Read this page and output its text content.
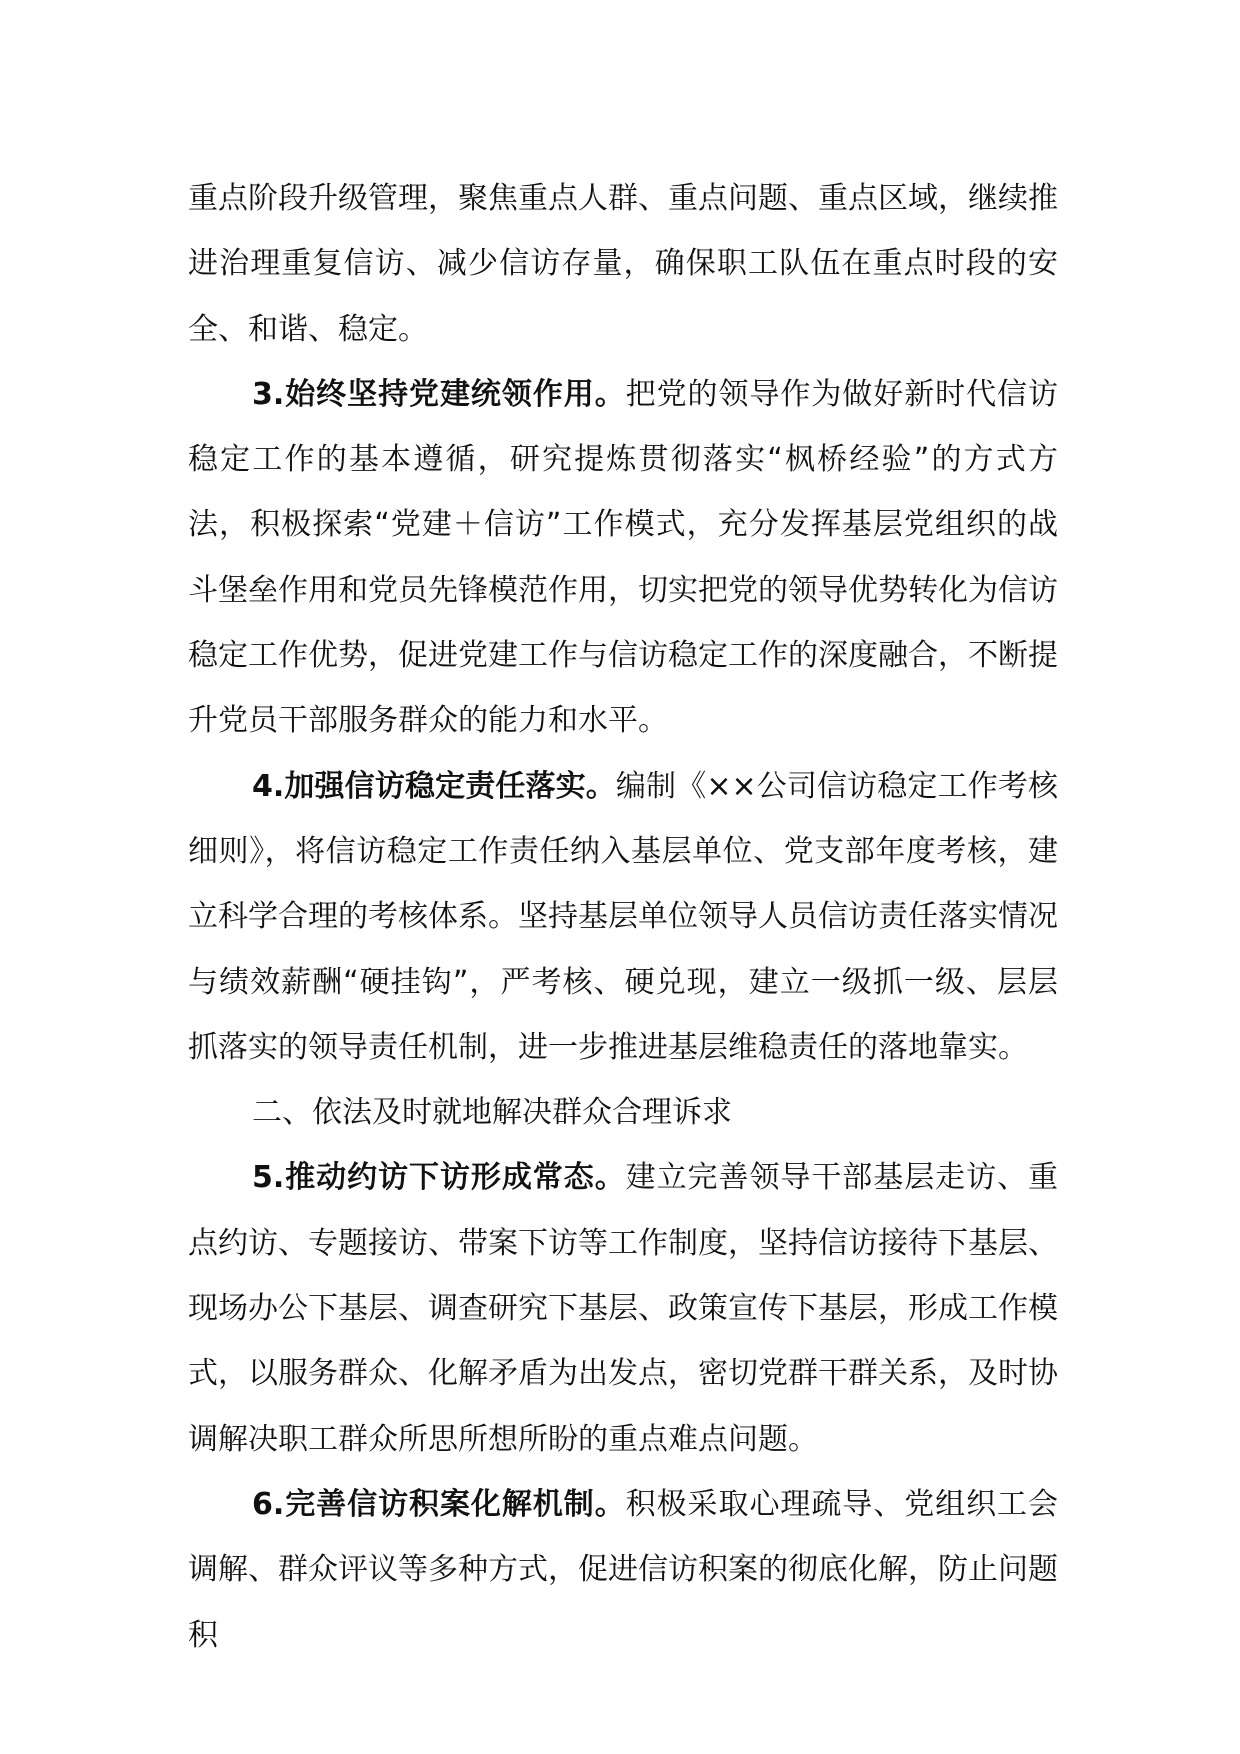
重点阶段升级管理，聚焦重点人群、重点问题、重点区域，继续推进治理重复信访、减少信访存量，确保职工队伍在重点时段的安全、和谐、稳定。

3.始终坚持党建统领作用。把党的领导作为做好新时代信访稳定工作的基本遵循，研究提炼贯彻落实“枫桥经验”的方式方法，积极探索“党建＋信访”工作模式，充分发挥基层党组织的战斗堡垒作用和党员先锋模范作用，切实把党的领导优势转化为信访稳定工作优势，促进党建工作与信访稳定工作的深度融合，不断提升党员干部服务群众的能力和水平。

4.加强信访稳定责任落实。编制《××公司信访稳定工作考核细则》，将信访稳定工作责任纳入基层单位、党支部年度考核，建立科学合理的考核体系。坚持基层单位领导人员信访责任落实情况与绩效薪酬“硬挂钩”，严考核、硬兑现，建立一级抓一级、层层抓落实的领导责任机制，进一步推进基层维稳责任的落地靠实。

二、依法及时就地解决群众合理诉求

5.推动约访下访形成常态。建立完善领导干部基层走访、重点约访、专题接访、带案下访等工作制度，坚持信访接待下基层、现场办公下基层、调查研究下基层、政策宣传下基层，形成工作模式，以服务群众、化解矛盾为出发点，密切党群干群关系，及时协调解决职工群众所思所想所盼的重点难点问题。

6.完善信访积案化解机制。积极采取心理疏导、党组织工会调解、群众评议等多种方式，促进信访积案的彻底化解，防止问题积
